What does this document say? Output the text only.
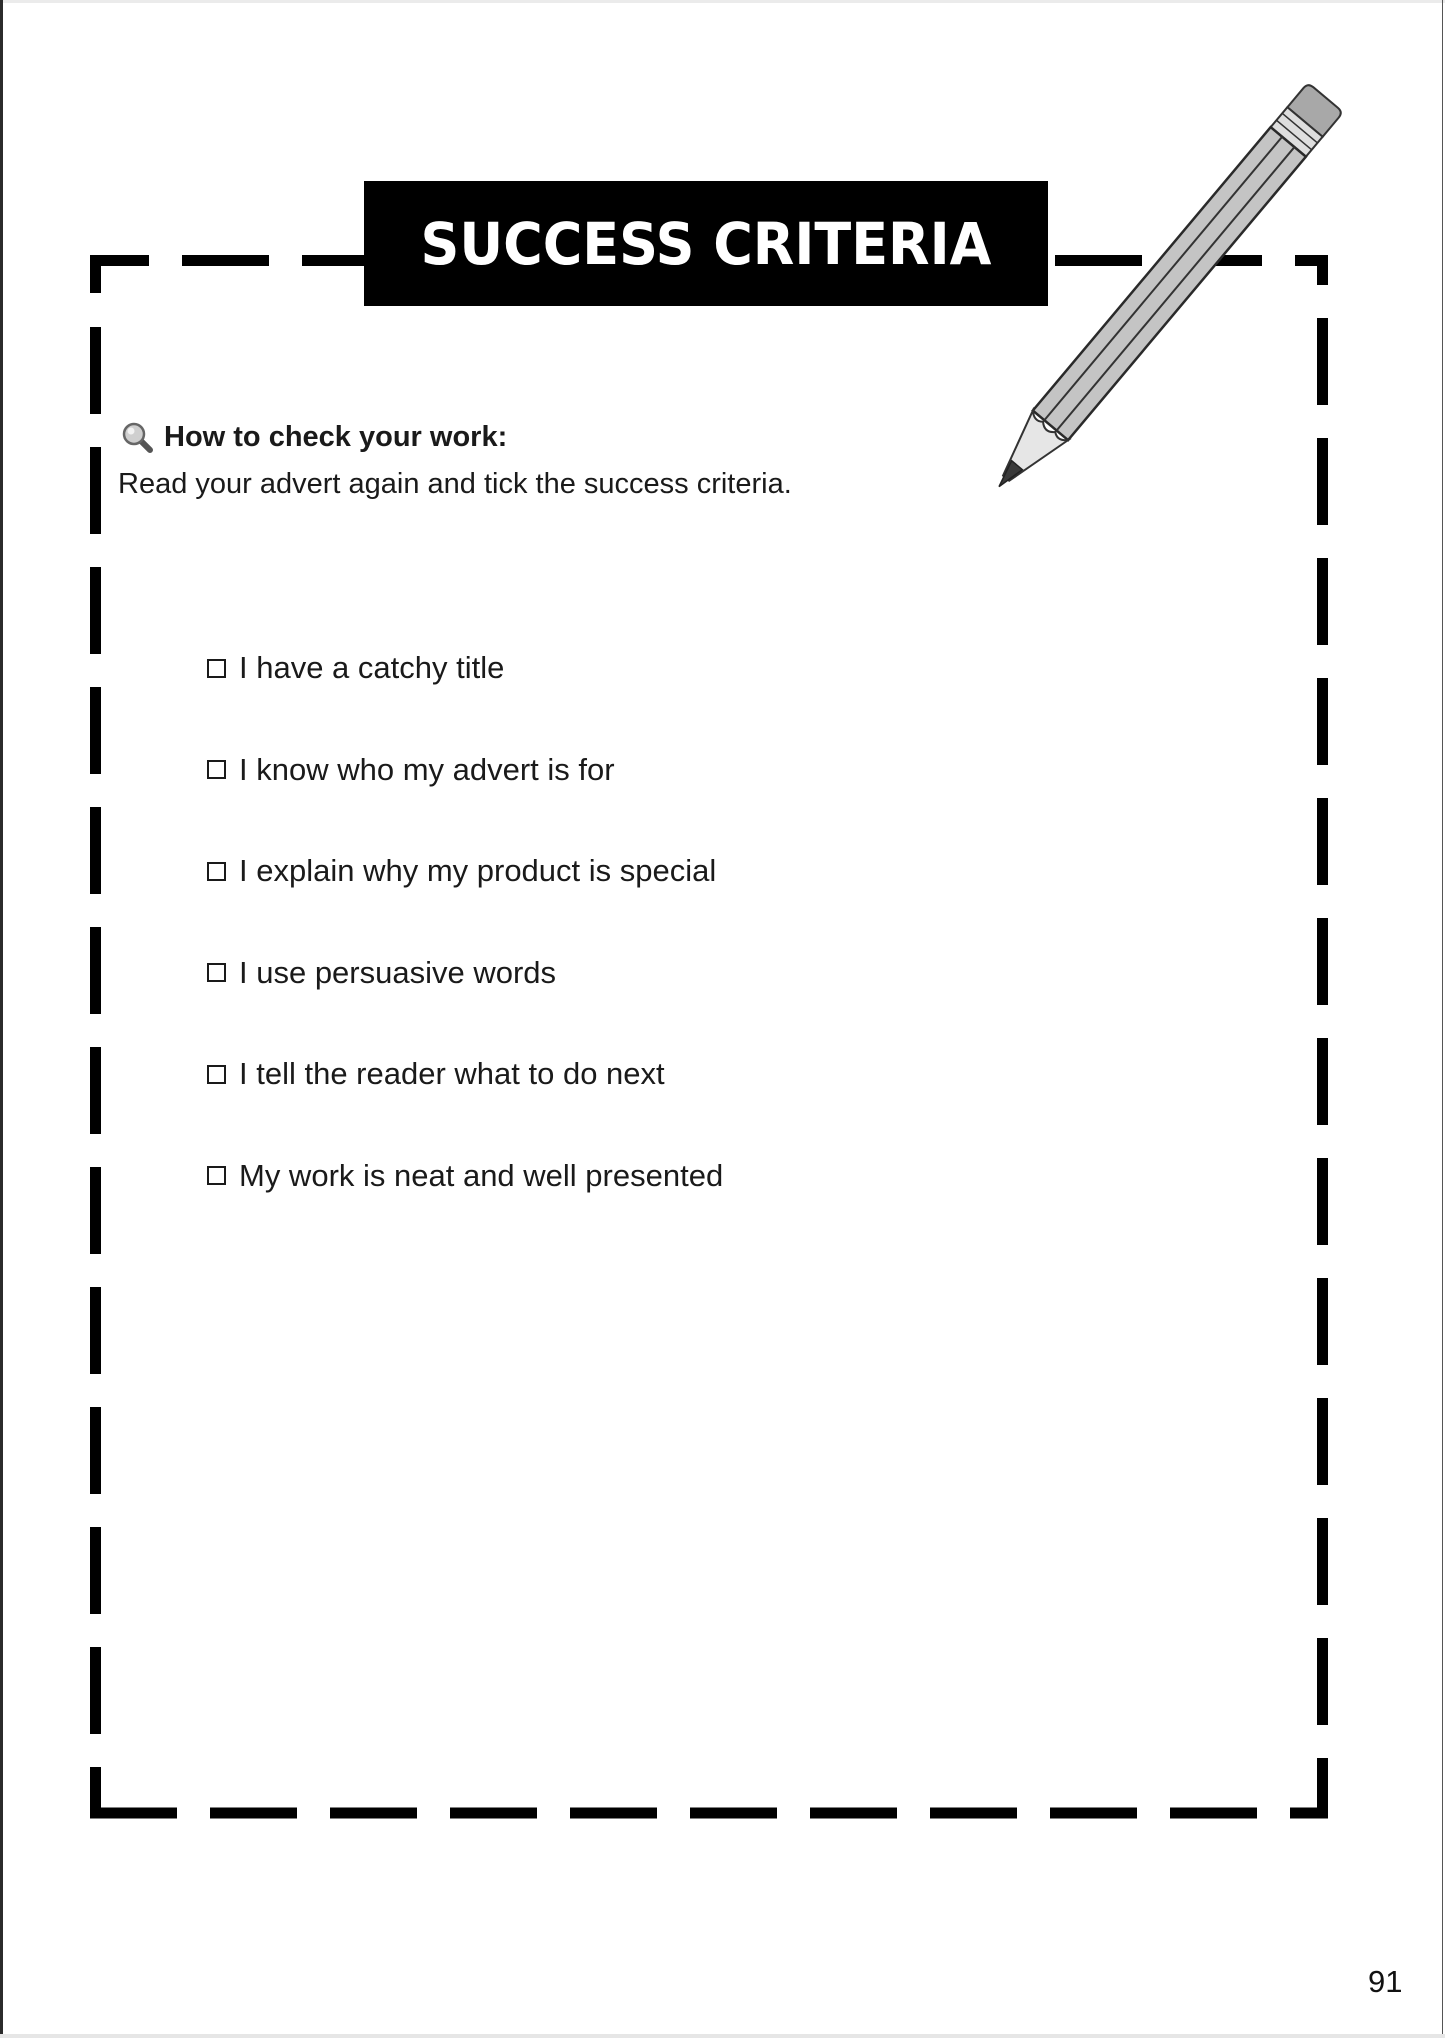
SUCCESS CRITERIA
How to check your work:
Read your advert again and tick the success criteria.
I have a catchy title
I know who my advert is for
I explain why my product is special
I use persuasive words
I tell the reader what to do next
My work is neat and well presented
91
